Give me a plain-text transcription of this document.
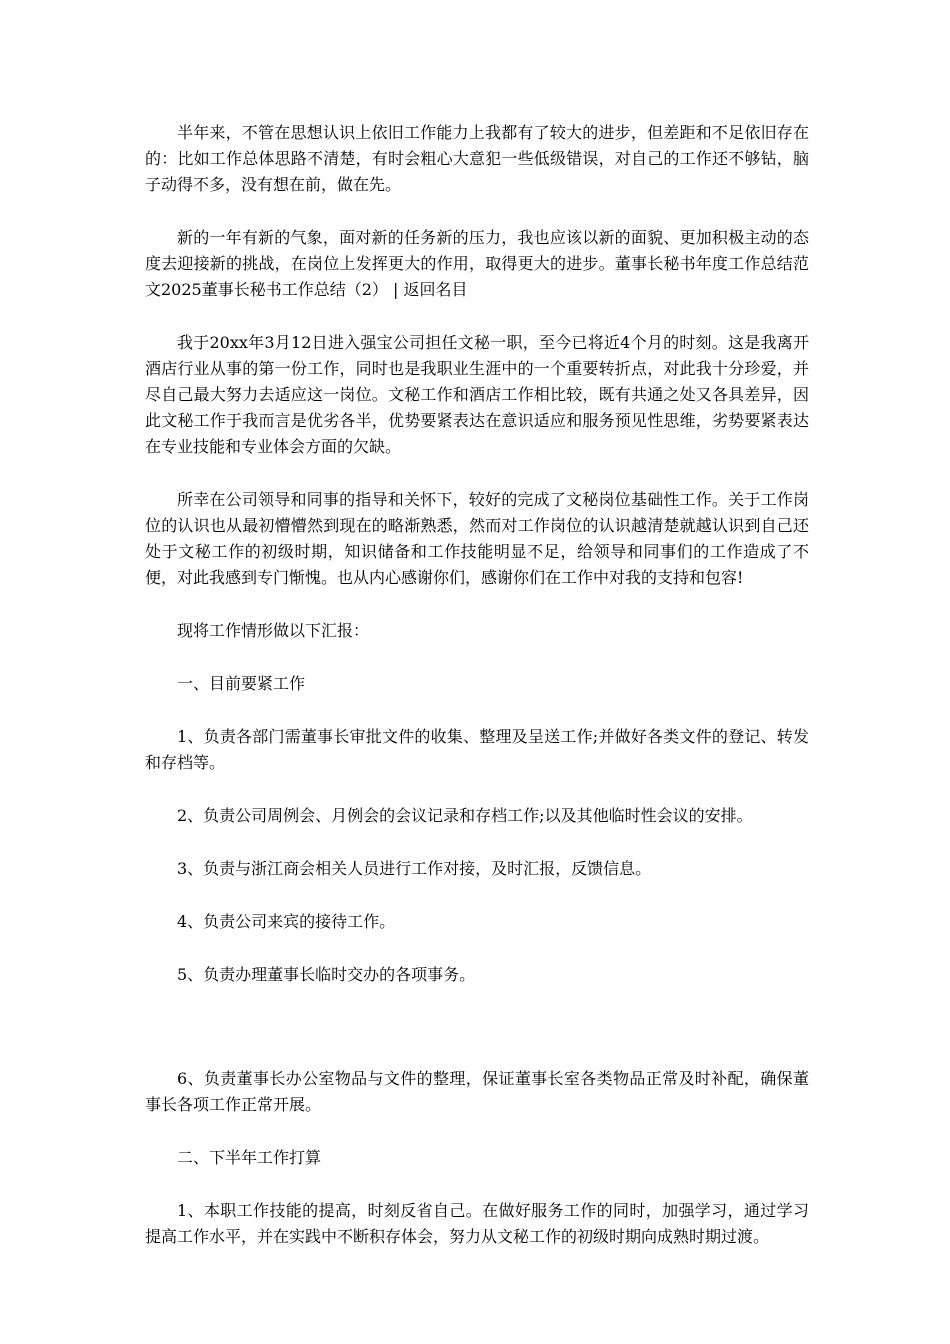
半年来，不管在思想认识上依旧工作能力上我都有了较大的进步，但差距和不足依旧存在的：比如工作总体思路不清楚，有时会粗心大意犯一些低级错误，对自己的工作还不够钻，脑子动得不多，没有想在前，做在先。

新的一年有新的气象，面对新的任务新的压力，我也应该以新的面貌、更加积极主动的态度去迎接新的挑战，在岗位上发挥更大的作用，取得更大的进步。董事长秘书年度工作总结范文2025董事长秘书工作总结（2） | 返回名目

我于20xx年3月12日进入强宝公司担任文秘一职，至今已将近4个月的时刻。这是我离开酒店行业从事的第一份工作，同时也是我职业生涯中的一个重要转折点，对此我十分珍爱，并尽自己最大努力去适应这一岗位。文秘工作和酒店工作相比较，既有共通之处又各具差异，因此文秘工作于我而言是优劣各半，优势要紧表达在意识适应和服务预见性思维，劣势要紧表达在专业技能和专业体会方面的欠缺。

所幸在公司领导和同事的指导和关怀下，较好的完成了文秘岗位基础性工作。关于工作岗位的认识也从最初懵懵然到现在的略渐熟悉，然而对工作岗位的认识越清楚就越认识到自己还处于文秘工作的初级时期，知识储备和工作技能明显不足，给领导和同事们的工作造成了不便，对此我感到专门惭愧。也从内心感谢你们，感谢你们在工作中对我的支持和包容!

现将工作情形做以下汇报：

一、目前要紧工作

1、负责各部门需董事长审批文件的收集、整理及呈送工作;并做好各类文件的登记、转发和存档等。

2、负责公司周例会、月例会的会议记录和存档工作;以及其他临时性会议的安排。

3、负责与浙江商会相关人员进行工作对接，及时汇报，反馈信息。

4、负责公司来宾的接待工作。

5、负责办理董事长临时交办的各项事务。

6、负责董事长办公室物品与文件的整理，保证董事长室各类物品正常及时补配，确保董事长各项工作正常开展。

二、下半年工作打算

1、本职工作技能的提高，时刻反省自己。在做好服务工作的同时，加强学习，通过学习提高工作水平，并在实践中不断积存体会，努力从文秘工作的初级时期向成熟时期过渡。
